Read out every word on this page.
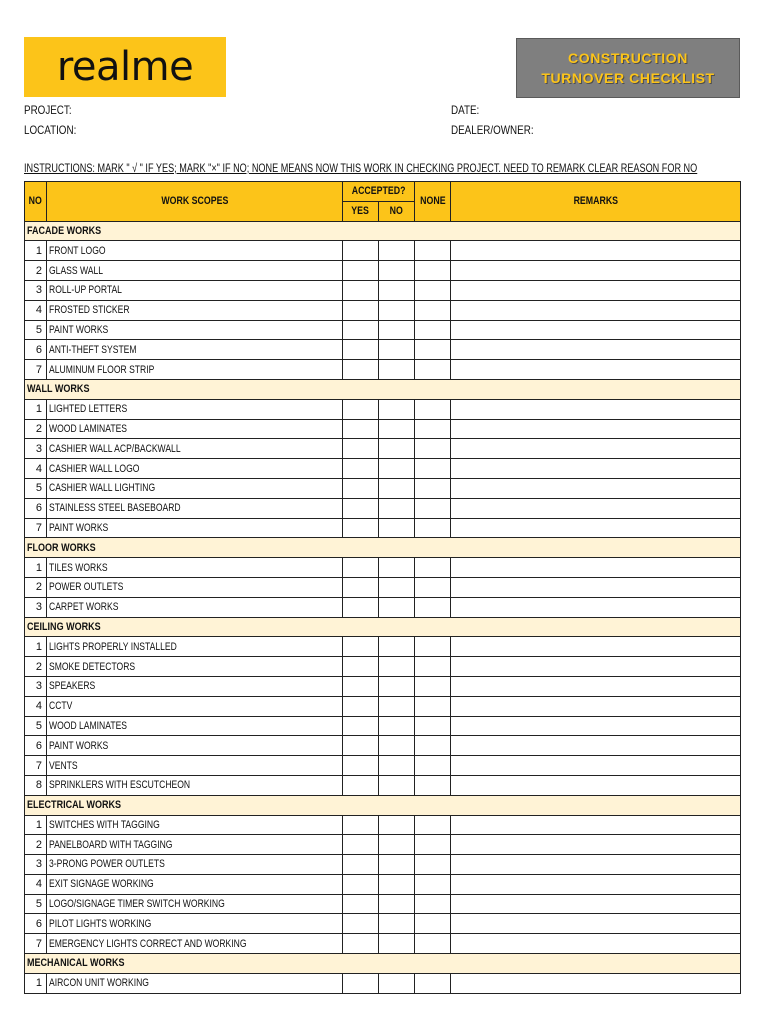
realme	CONSTRUCTION
TURNOVER CHECKLIST
PROJECT:
LOCATION:
DATE:
DEALER/OWNER:
INSTRUCTIONS: MARK " √ " IF YES; MARK "×" IF NO; NONE MEANS NOW THIS WORK IN CHECKING PROJECT. NEED TO REMARK CLEAR REASON FOR NO
NO	WORK SCOPES	ACCEPTED?		NONE	REMARKS
		YES	NO		
FACADE WORKS					
1	FRONT LOGO				
2	GLASS WALL				
3	ROLL-UP PORTAL				
4	FROSTED STICKER				
5	PAINT WORKS				
6	ANTI-THEFT SYSTEM				
7	ALUMINUM FLOOR STRIP				
WALL WORKS					
1	LIGHTED LETTERS				
2	WOOD LAMINATES				
3	CASHIER WALL ACP/BACKWALL				
4	CASHIER WALL LOGO				
5	CASHIER WALL LIGHTING				
6	STAINLESS STEEL BASEBOARD				
7	PAINT WORKS				
FLOOR WORKS					
1	TILES WORKS				
2	POWER OUTLETS				
3	CARPET WORKS				
CEILING WORKS					
1	LIGHTS PROPERLY INSTALLED				
2	SMOKE DETECTORS				
3	SPEAKERS				
4	CCTV				
5	WOOD LAMINATES				
6	PAINT WORKS				
7	VENTS				
8	SPRINKLERS WITH ESCUTCHEON				
ELECTRICAL WORKS					
1	SWITCHES WITH TAGGING				
2	PANELBOARD WITH TAGGING				
3	3-PRONG POWER OUTLETS				
4	EXIT SIGNAGE WORKING				
5	LOGO/SIGNAGE TIMER SWITCH WORKING				
6	PILOT LIGHTS WORKING				
7	EMERGENCY LIGHTS CORRECT AND WORKING				
MECHANICAL WORKS					
1	AIRCON UNIT WORKING				
